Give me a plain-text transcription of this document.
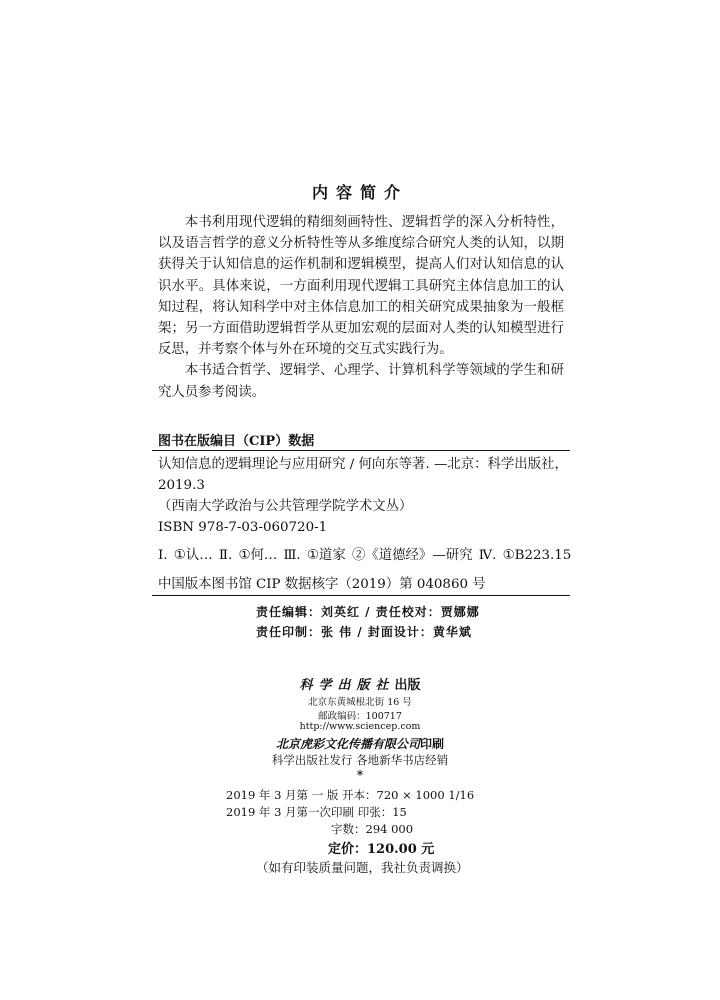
内容简介

本书利用现代逻辑的精细刻画特性、逻辑哲学的深入分析特性，以及语言哲学的意义分析特性等从多维度综合研究人类的认知，以期获得关于认知信息的运作机制和逻辑模型，提高人们对认知信息的认识水平。具体来说，一方面利用现代逻辑工具研究主体信息加工的认知过程，将认知科学中对主体信息加工的相关研究成果抽象为一般框架；另一方面借助逻辑哲学从更加宏观的层面对人类的认知模型进行反思，并考察个体与外在环境的交互式实践行为。

本书适合哲学、逻辑学、心理学、计算机科学等领域的学生和研究人员参考阅读。

图书在版编目（CIP）数据
认知信息的逻辑理论与应用研究 / 何向东等著. —北京：科学出版社，
2019.3
（西南大学政治与公共管理学院学术文丛）
ISBN 978-7-03-060720-1
Ⅰ. ①认… Ⅱ. ①何… Ⅲ. ①道家 ②《道德经》—研究 Ⅳ. ①B223.15
中国版本图书馆 CIP 数据核字（2019）第 040860 号
责任编辑：刘英红 / 责任校对：贾娜娜
责任印制：张 伟 / 封面设计：黄华斌
科学出版社出版
北京东黄城根北街 16 号
邮政编码：100717
http://www.sciencep.com
北京虎彩文化传播有限公司印刷
科学出版社发行 各地新华书店经销
*
2019 年 3 月第 一 版 开本：720 × 1000 1/16
2019 年 3 月第一次印刷 印张：15
字数：294 000
定价：120.00 元
（如有印装质量问题，我社负责调换）
